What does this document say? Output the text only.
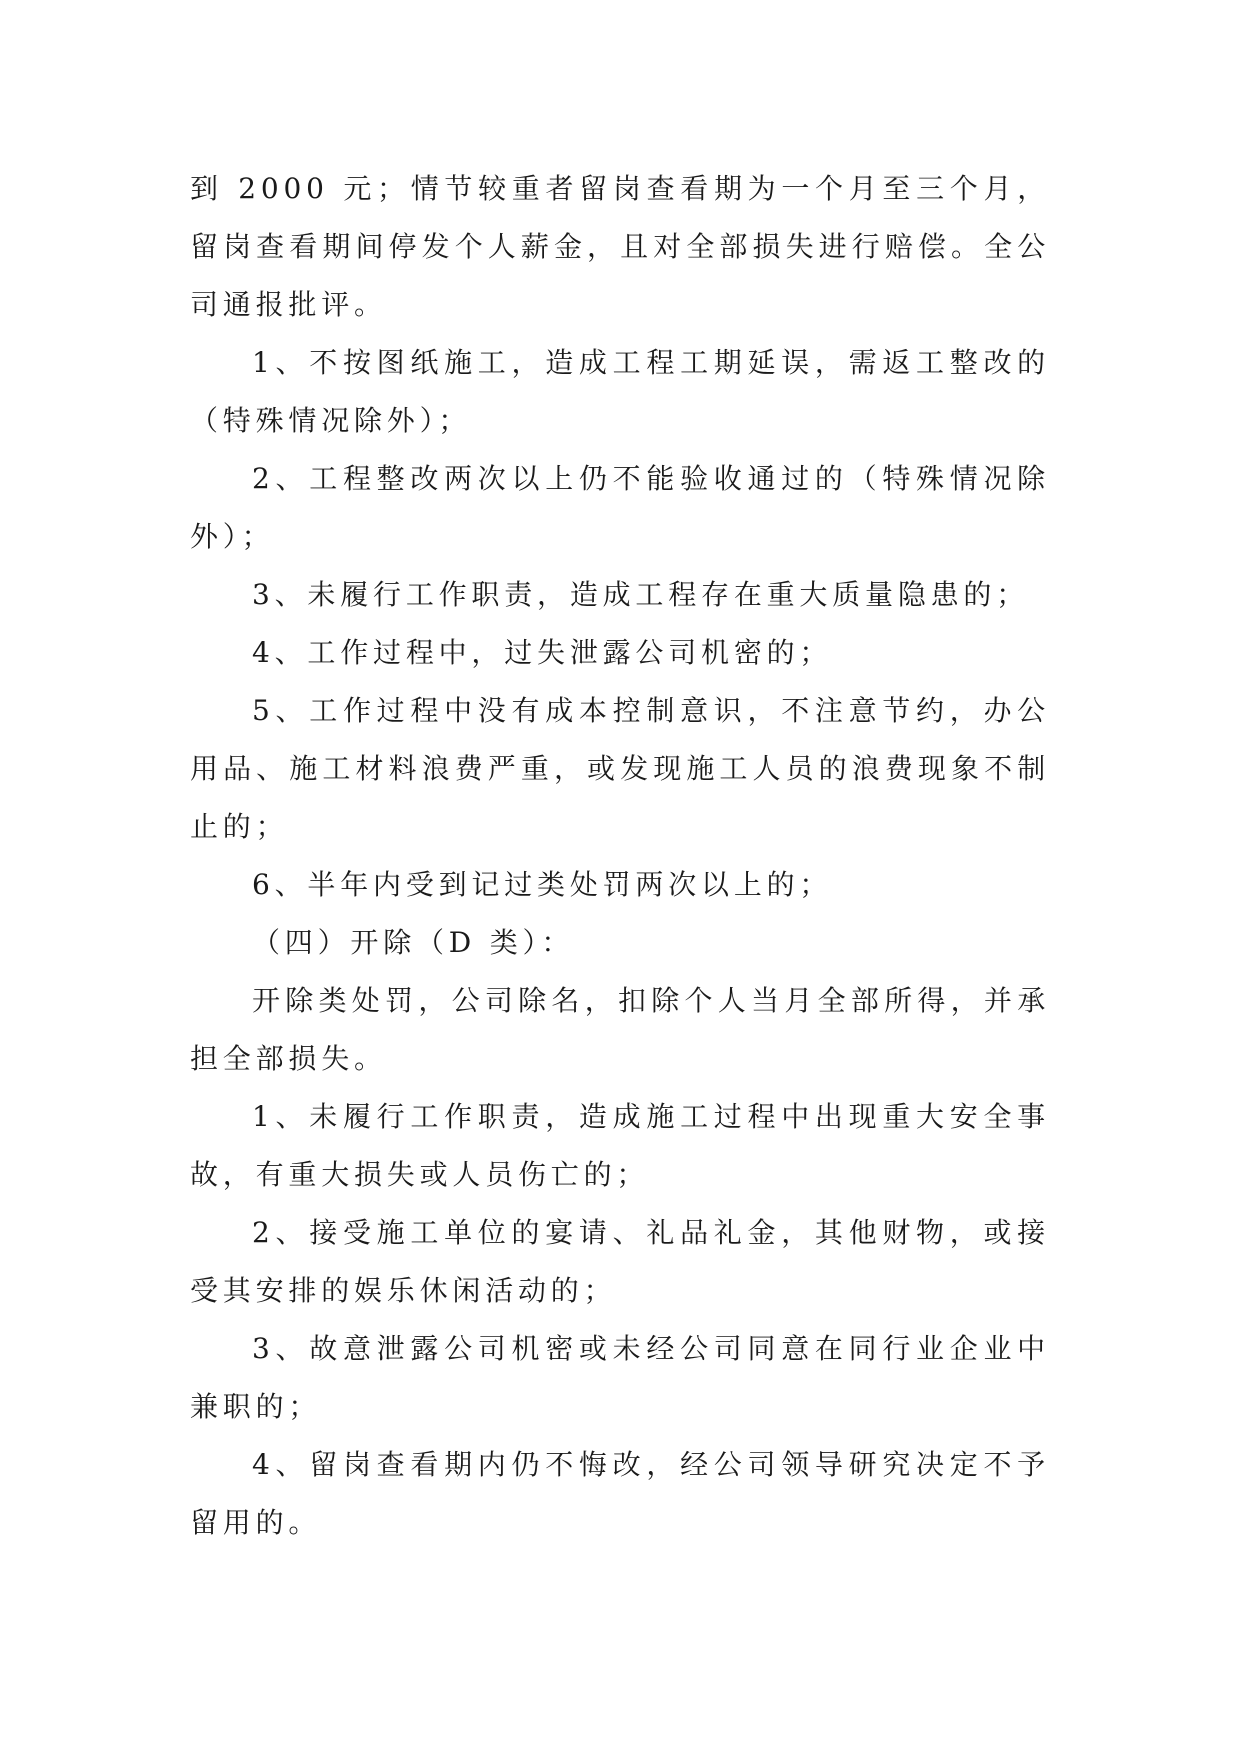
到 2000 元；情节较重者留岗查看期为一个月至三个月，留岗查看期间停发个人薪金，且对全部损失进行赔偿。全公司通报批评。

1、不按图纸施工，造成工程工期延误，需返工整改的（特殊情况除外）；

2、工程整改两次以上仍不能验收通过的（特殊情况除外）；

3、未履行工作职责，造成工程存在重大质量隐患的；

4、工作过程中，过失泄露公司机密的；

5、工作过程中没有成本控制意识，不注意节约，办公用品、施工材料浪费严重，或发现施工人员的浪费现象不制止的；

6、半年内受到记过类处罚两次以上的；

（四）开除（D 类）：

开除类处罚，公司除名，扣除个人当月全部所得，并承担全部损失。

1、未履行工作职责，造成施工过程中出现重大安全事故，有重大损失或人员伤亡的；

2、接受施工单位的宴请、礼品礼金，其他财物，或接受其安排的娱乐休闲活动的；

3、故意泄露公司机密或未经公司同意在同行业企业中兼职的；

4、留岗查看期内仍不悔改，经公司领导研究决定不予留用的。
